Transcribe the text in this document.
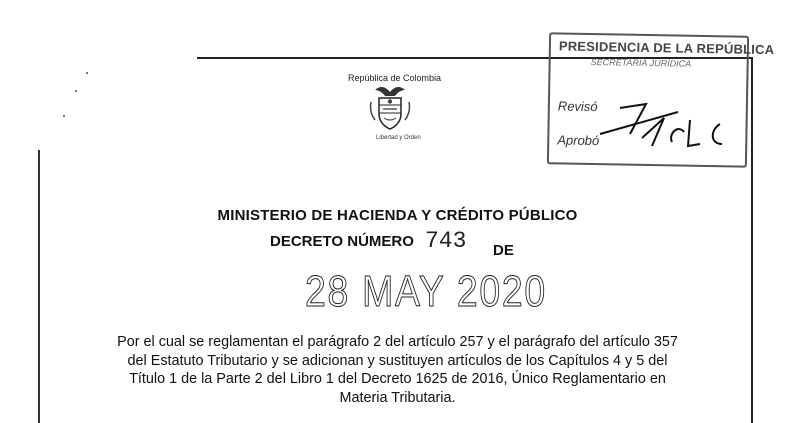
República de Colombia
Libertad y Orden
PRESIDENCIA DE LA REPÚBLICA
SECRETARÍA JURÍDICA
Revisó
Aprobó
MINISTERIO DE HACIENDA Y CRÉDITO PÚBLICO
DECRETO NÚMERO 743 DE
28 MAY 2020
Por el cual se reglamentan el parágrafo 2 del artículo 257 y el parágrafo del artículo 357
del Estatuto Tributario y se adicionan y sustituyen artículos de los Capítulos 4 y 5 del
Título 1 de la Parte 2 del Libro 1 del Decreto 1625 de 2016, Único Reglamentario en
Materia Tributaria.
